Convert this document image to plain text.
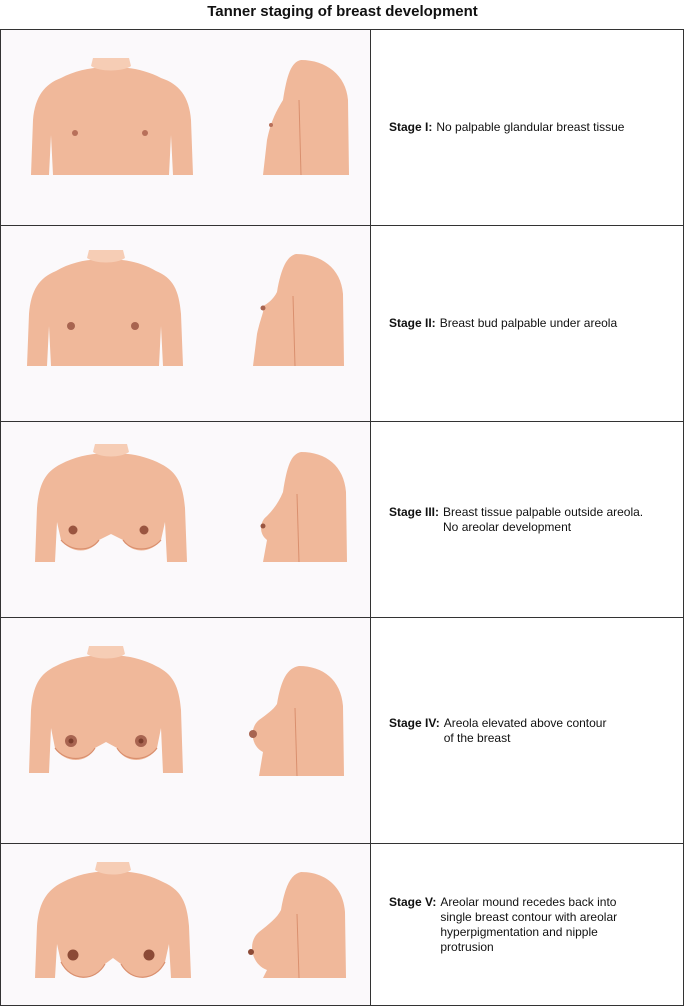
Tanner staging of breast development
Stage I: No palpable glandular breast tissue
Stage II: Breast bud palpable under areola
Stage III: Breast tissue palpable outside areola.
No areolar development
Stage IV: Areola elevated above contour
of the breast
Stage V: Areolar mound recedes back into
single breast contour with areolar
hyperpigmentation and nipple
protrusion
